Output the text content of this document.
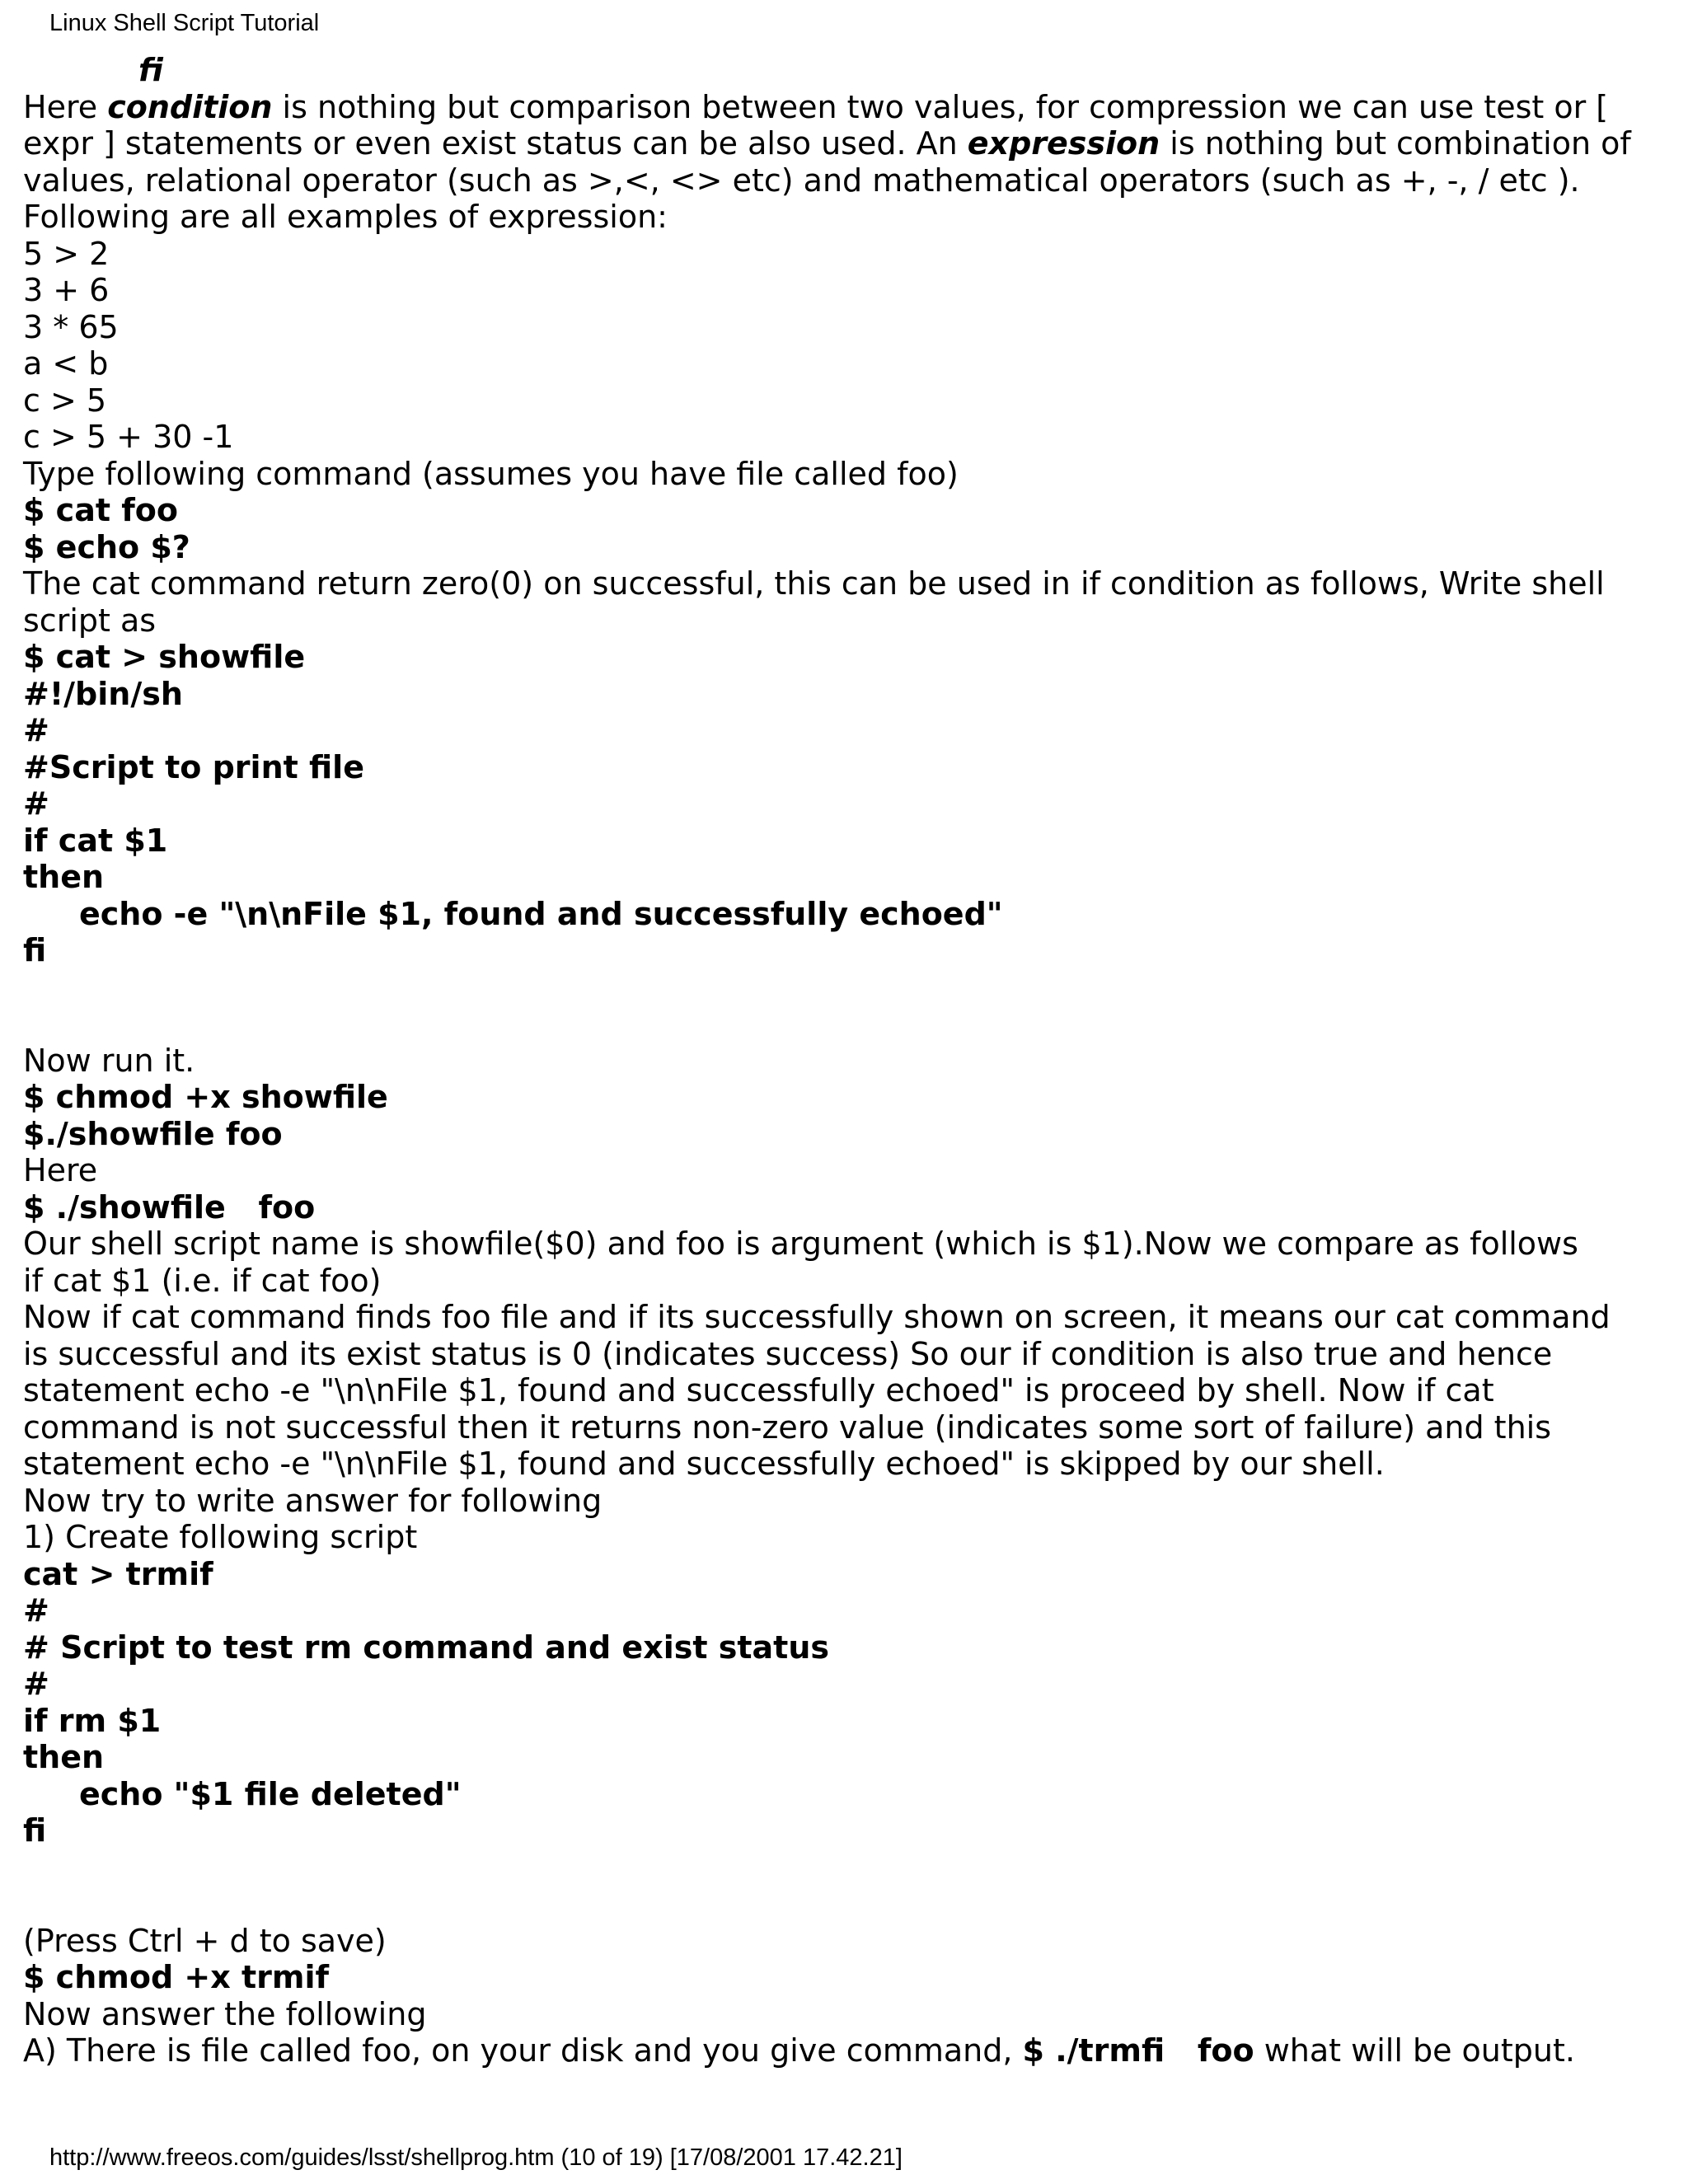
Linux Shell Script Tutorial
fi
Here condition is nothing but comparison between two values, for compression we can use test or [
expr ] statements or even exist status can be also used. An expression is nothing but combination of
values, relational operator (such as >,<, <> etc) and mathematical operators (such as +, -, / etc ).
Following are all examples of expression:
5 > 2
3 + 6
3 * 65
a < b
c > 5
c > 5 + 30 -1
Type following command (assumes you have file called foo)
$ cat foo
$ echo $?
The cat command return zero(0) on successful, this can be used in if condition as follows, Write shell
script as
$ cat > showfile
#!/bin/sh
#
#Script to print file
#
if cat $1
then
echo -e "\n\nFile $1, found and successfully echoed"
fi
Now run it.
$ chmod +x showfile
$./showfile foo
Here
$ ./showfile   foo
Our shell script name is showfile($0) and foo is argument (which is $1).Now we compare as follows
if cat $1 (i.e. if cat foo)
Now if cat command finds foo file and if its successfully shown on screen, it means our cat command
is successful and its exist status is 0 (indicates success) So our if condition is also true and hence
statement echo -e "\n\nFile $1, found and successfully echoed" is proceed by shell. Now if cat
command is not successful then it returns non-zero value (indicates some sort of failure) and this
statement echo -e "\n\nFile $1, found and successfully echoed" is skipped by our shell.
Now try to write answer for following
1) Create following script
cat > trmif
#
# Script to test rm command and exist status
#
if rm $1
then
echo "$1 file deleted"
fi
(Press Ctrl + d to save)
$ chmod +x trmif
Now answer the following
A) There is file called foo, on your disk and you give command, $ ./trmfi   foo what will be output.
http://www.freeos.com/guides/lsst/shellprog.htm (10 of 19) [17/08/2001 17.42.21]
